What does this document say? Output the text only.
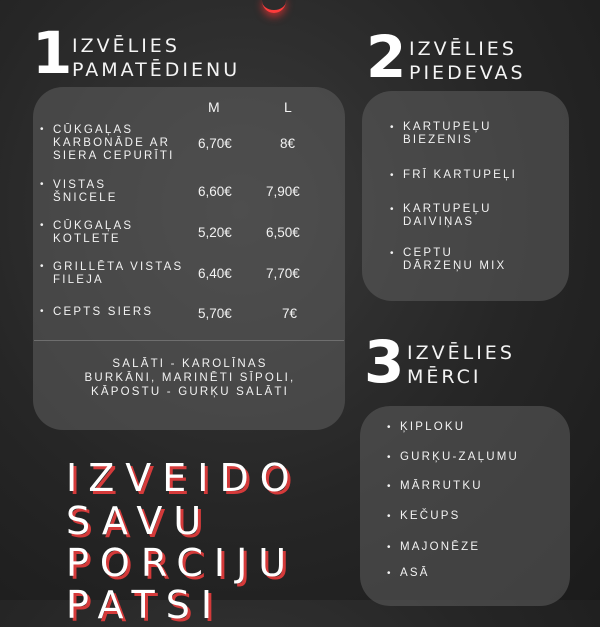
1 IZVĒLIES
PAMATĒDIENU
M	L
• CŪKGAĻAS KARBONĀDE AR SIERA CEPURĪTI
6,70€	8€
• VISTAS ŠNICELE	6,60€	7,90€
• CŪKGAĻAS KOTLETE	5,20€	6,50€
• GRILLĒTA VISTAS FILEJA	6,40€	7,70€
• CEPTS SIERS	5,70€	7€
SALĀTI - KAROLĪNAS
BURKĀNI, MARINĒTI SĪPOLI,
KĀPOSTU - GURĶU SALĀTI
2 IZVĒLIES
PIEDEVAS
• KARTUPEĻU BIEZENIS
• FRĪ KARTUPEĻI
• KARTUPEĻU DAIVIŅAS
• CEPTU DĀRZEŅU MIX
3 IZVĒLIES
MĒRCI
• ĶIPLOKU
• GURĶU-ZAĻUMU
• MĀRRUTKU
• KEČUPS
• MAJONĒZE
• ASĀ
IZVEIDO
SAVU
PORCIJU
PATSI
